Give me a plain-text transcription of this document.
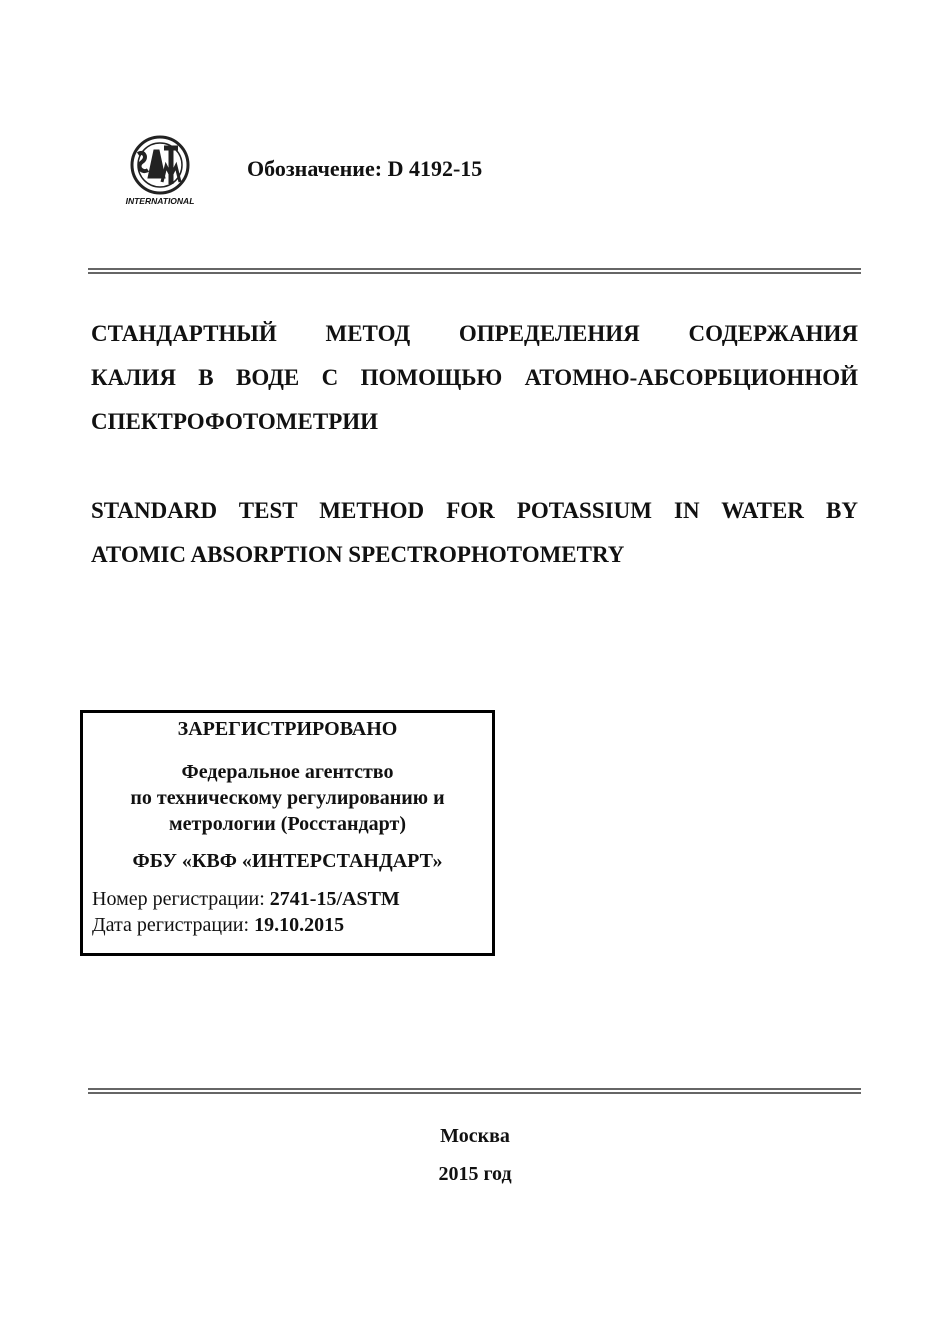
INTERNATIONAL
Обозначение: D 4192-15
СТАНДАРТНЫЙ МЕТОД ОПРЕДЕЛЕНИЯ СОДЕРЖАНИЯ
КАЛИЯ В ВОДЕ С ПОМОЩЬЮ АТОМНО-АБСОРБЦИОННОЙ
СПЕКТРОФОТОМЕТРИИ
STANDARD TEST METHOD FOR POTASSIUM IN WATER BY
ATOMIC ABSORPTION SPECTROPHOTOMETRY
ЗАРЕГИСТРИРОВАНО
Федеральное агентство
по техническому регулированию и
метрологии (Росстандарт)
ФБУ «КВФ «ИНТЕРСТАНДАРТ»
Номер регистрации: 2741-15/ASTM
Дата регистрации: 19.10.2015
Москва
2015 год
